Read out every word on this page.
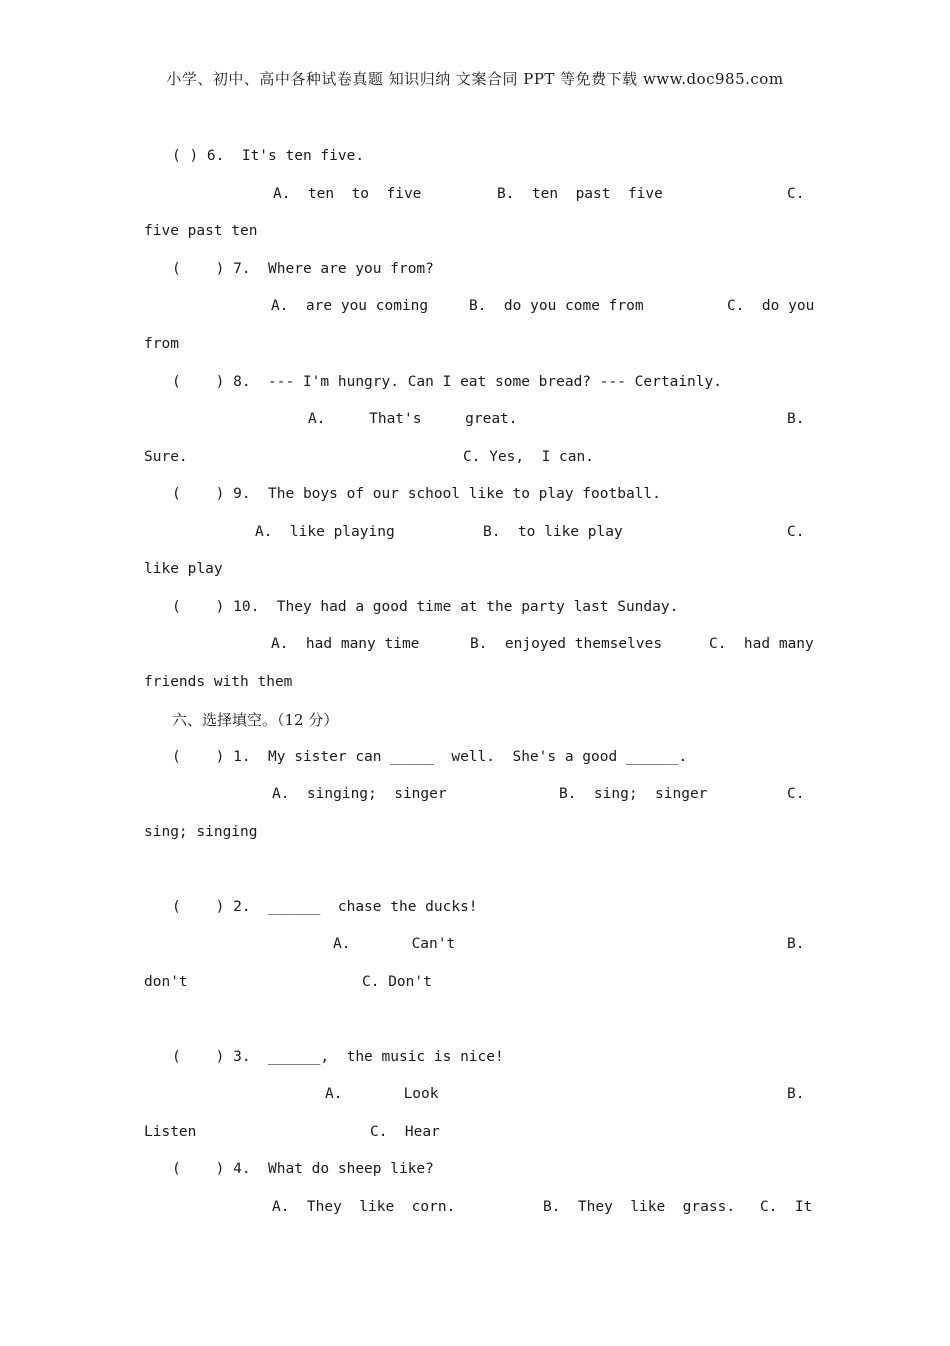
小学、初中、高中各种试卷真题 知识归纳 文案合同 PPT 等免费下载 www.doc985.com
( ) 6.  It's ten five.
A.  ten  to  five	B.  ten  past  five	C.
five past ten
(    ) 7.  Where are you from?
A.  are you coming	B.  do you come from	C.  do you
from
(    ) 8.  --- I'm hungry. Can I eat some bread? --- Certainly.
A.     That's     great.	B.
Sure.	C. Yes,  I can.
(    ) 9.  The boys of our school like to play football.
A.  like playing	B.  to like play	C.
like play
(    ) 10.  They had a good time at the party last Sunday.
A.  had many time	B.  enjoyed themselves	C.  had many
friends with them
六、选择填空。（12 分）
(    ) 1.  My sister can _____  well.  She's a good ______.
A.  singing;  singer	B.  sing;  singer	C.
sing; singing
(    ) 2.  ______  chase the ducks!
A.       Can't	B.
don't	C. Don't
(    ) 3.  ______,  the music is nice!
A.       Look	B.
Listen	C.  Hear
(    ) 4.  What do sheep like?
A.  They  like  corn.	B.  They  like  grass. C.  It
